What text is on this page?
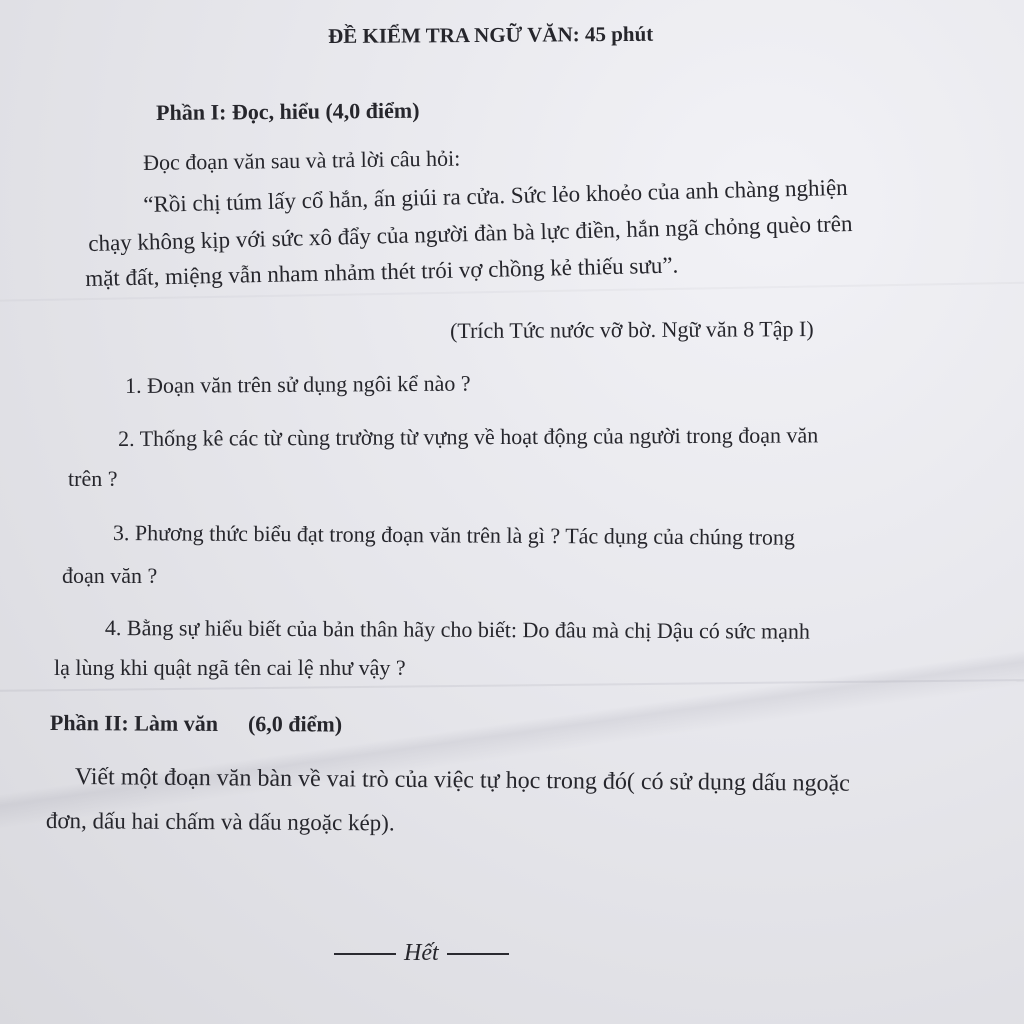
ĐỀ KIỂM TRA NGỮ VĂN: 45 phút
Phần I: Đọc, hiểu (4,0 điểm)
Đọc đoạn văn sau và trả lời câu hỏi:
“Rồi chị túm lấy cổ hắn, ấn giúi ra cửa. Sức lẻo khoẻo của anh chàng nghiện
chạy không kịp với sức xô đẩy của người đàn bà lực điền, hắn ngã chỏng quèo trên
mặt đất, miệng vẫn nham nhảm thét trói vợ chồng kẻ thiếu sưu”.
(Trích Tức nước vỡ bờ. Ngữ văn 8 Tập I)
1. Đoạn văn trên sử dụng ngôi kể nào ?
2. Thống kê các từ cùng trường từ vựng về hoạt động của người trong đoạn văn
trên ?
3. Phương thức biểu đạt trong đoạn văn trên là gì ? Tác dụng của chúng trong
đoạn văn ?
4. Bằng sự hiểu biết của bản thân hãy cho biết: Do đâu mà chị Dậu có sức mạnh
lạ lùng khi quật ngã tên cai lệ như vậy ?
Phần II: Làm văn (6,0 điểm)
Viết một đoạn văn bàn về vai trò của việc tự học trong đó( có sử dụng dấu ngoặc
đơn, dấu hai chấm và dấu ngoặc kép).
Hết
